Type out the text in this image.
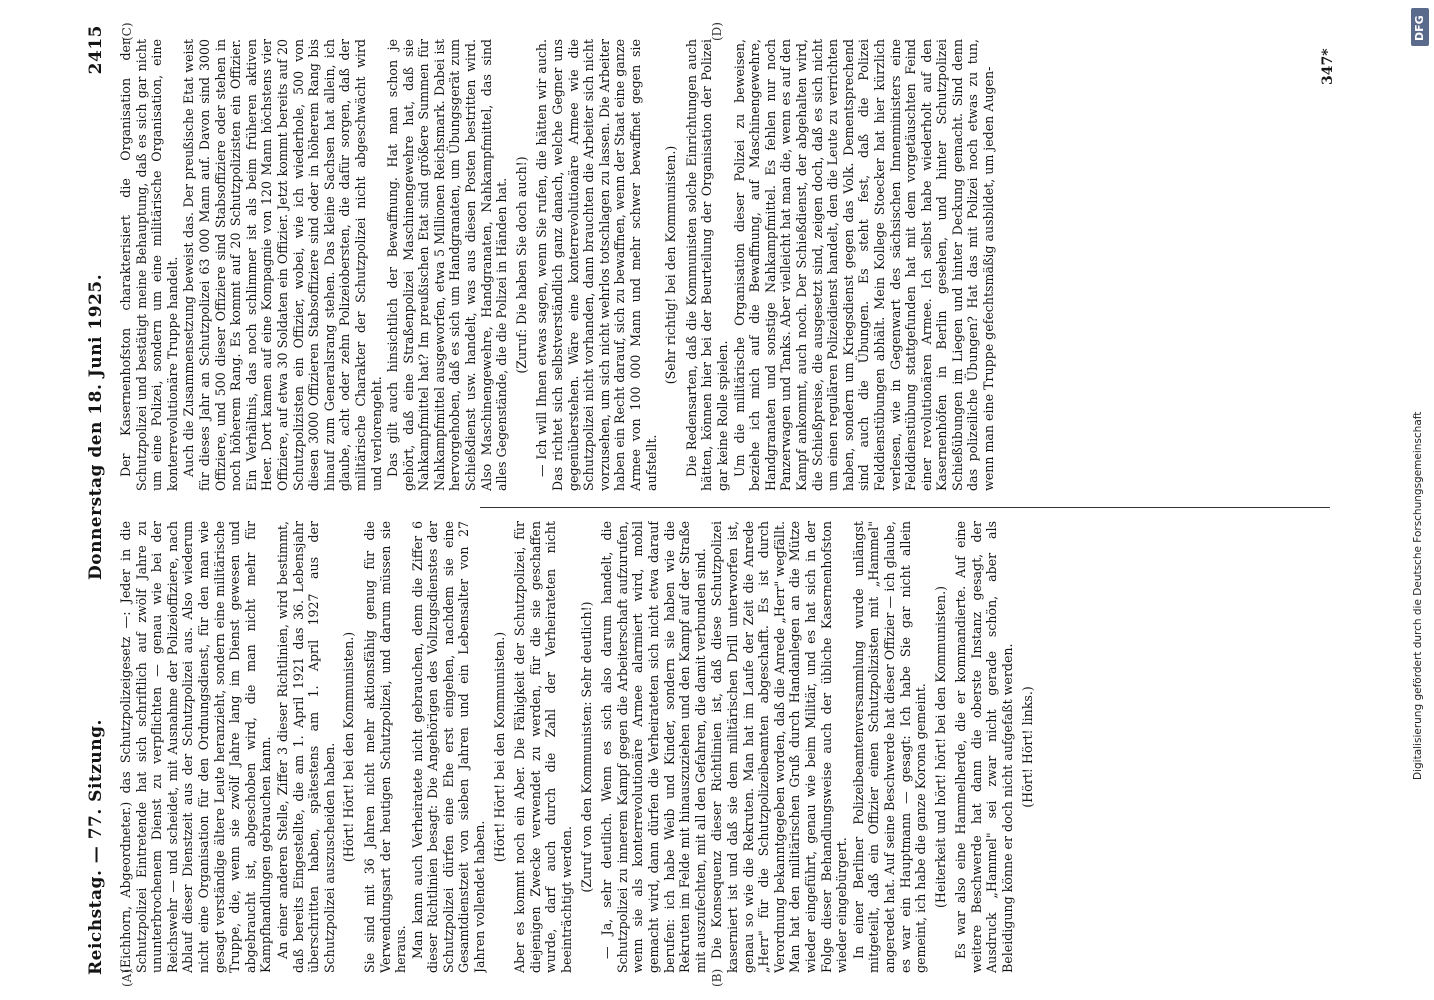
Reichstag. — 77. Sitzung.
Donnerstag den 18. Juni 1925.
2415

(Eichhorn, Abgeordneter.) das Schutzpolizeigesetz —: Jeder in die Schutzpolizei Eintretende hat sich schriftlich auf zwölf Jahre zu ununterbrochenem Dienst zu verpflichten — genau wie bei der Reichswehr — und scheidet, mit Ausnahme der Polizeioffiziere, nach Ablauf dieser Dienstzeit aus der Schutzpolizei aus. Also wiederum nicht eine Organisation für den Ordnungsdienst, für den man wie gesagt verständige ältere Leute heranzieht, sondern eine militärische Truppe, die, wenn sie zwölf Jahre lang im Dienst gewesen und abgebraucht ist, abgeschoben wird, die man nicht mehr für Kampfhandlungen gebrauchen kann. An einer anderen Stelle, Ziffer 3 dieser Richtlinien, wird bestimmt, daß bereits Eingestellte, die am 1. April 1921 das 36. Lebensjahr überschritten haben, spätestens am 1. April 1927 aus der Schutzpolizei auszuscheiden haben. (Hört! Hört! bei den Kommunisten.) Sie sind mit 36 Jahren nicht mehr aktionsfähig genug für die Verwendungsart der heutigen Schutzpolizei, und darum müssen sie heraus. Man kann auch Verheiratete nicht gebrauchen, denn die Ziffer 6 dieser Richtlinien besagt: Die Angehörigen des Vollzugsdienstes der Schutzpolizei dürfen eine Ehe erst eingehen, nachdem sie eine Gesamtdienstzeit von sieben Jahren und ein Lebensalter von 27 Jahren vollendet haben.

(Hört! Hört! bei den Kommunisten.) Aber es kommt noch ein Aber. Die Fähigkeit der Schutzpolizei, für diejenigen Zwecke verwendet zu werden, für die sie geschaffen wurde, darf auch durch die Zahl der Verheirateten nicht beeinträchtigt werden.

(Zuruf von den Kommunisten: Sehr deutlich!) — Ja, sehr deutlich. Wenn es sich also darum handelt, die Schutzpolizei zu innerem Kampf gegen die Arbeiterschaft aufzurufen, wenn sie als konterrevolutionäre Armee alarmiert wird, mobil gemacht wird, dann dürfen die Verheirateten sich nicht etwa darauf berufen: ich habe Weib und Kinder, sondern sie haben wie die Rekruten im Felde mit hinauszuziehen und den Kampf auf der Straße mit auszufechten, mit all den Gefahren, die damit verbunden sind. Die Konsequenz dieser Richtlinien ist, daß diese Schutzpolizei kaserniert ist und daß sie dem militärischen Drill unterworfen ist, genau so wie die Rekruten. Man hat im Laufe der Zeit die Anrede „Herr" für die Schutzpolizeibeamten abgeschafft. Es ist durch Verordnung bekanntgegeben worden, daß die Anrede „Herr" wegfällt. Man hat den militärischen Gruß durch Handanlegen an die Mütze wieder eingeführt, genau wie beim Militär, und es hat sich in der Folge dieser Behandlungsweise auch der übliche Kasernenhofston wieder eingebürgert. In einer Berliner Polizeibeamtenversammlung wurde unlängst mitgeteilt, daß ein Offizier einen Schutzpolizisten mit „Hammel" angeredet hat. Auf seine Beschwerde hat dieser Offizier — ich glaube, es war ein Hauptmann — gesagt: Ich habe Sie gar nicht allein gemeint, ich habe die ganze Korona gemeint. (Heiterkeit und hört! hört! bei den Kommunisten.) Es war also eine Hammelherde, die er kommandierte. Auf eine weitere Beschwerde hat dann die oberste Instanz gesagt, der Ausdruck „Hammel" sei zwar nicht gerade schön, aber als Beleidigung könne er doch nicht aufgefaßt werden. (Hört! Hört! links.)

Der Kasernenhofston charakterisiert die Organisation der Schutzpolizei und bestätigt meine Behauptung, daß es sich gar nicht um eine Polizei, sondern um eine militärische Organisation, eine konterrevolutionäre Truppe handelt. Auch die Zusammensetzung beweist das. Der preußische Etat weist für dieses Jahr an Schutzpolizei 63 000 Mann auf. Davon sind 3000 Offiziere, und 500 dieser Offiziere sind Stabsoffiziere oder stehen in noch höherem Rang. Es kommt auf 20 Schutzpolizisten ein Offizier. Ein Verhältnis, das noch schlimmer ist als beim früheren aktiven Heer. Dort kamen auf eine Kompagnie von 120 Mann höchstens vier Offiziere, auf etwa 30 Soldaten ein Offizier. Jetzt kommt bereits auf 20 Schutzpolizisten ein Offizier, wobei, wie ich wiederhole, 500 von diesen 3000 Offizieren Stabsoffiziere sind oder in höherem Rang bis hinauf zum Generalsrang stehen. Das kleine Sachsen hat allein, ich glaube, acht oder zehn Polizeiobersten, die dafür sorgen, daß der militärische Charakter der Schutzpolizei nicht abgeschwächt wird und verlorengeht. Das gilt auch hinsichtlich der Bewaffnung. Hat man schon je gehört, daß eine Straßenpolizei Maschinengewehre hat, daß sie Nahkampfmittel hat? Im preußischen Etat sind größere Summen für Nahkampfmittel ausgeworfen, etwa 5 Millionen Reichsmark. Dabei ist hervorgehoben, daß es sich um Handgranaten, um Übungsgerät zum Schießdienst usw. handelt, was aus diesen Posten bestritten wird. Also Maschinengewehre, Handgranaten, Nahkampfmittel, das sind alles Gegenstände, die die Polizei in Händen hat. (Zuruf: Die haben Sie doch auch!) — Ich will Ihnen etwas sagen, wenn Sie rufen, die hätten wir auch. Das richtet sich selbstverständlich ganz danach, welche Gegner uns gegenüberstehen. Wäre eine konterrevolutionäre Armee wie die Schutzpolizei nicht vorhanden, dann brauchten die Arbeiter sich nicht vorzusehen, um sich nicht wehrlos totschlagen zu lassen. Die Arbeiter haben ein Recht darauf, sich zu bewaffnen, wenn der Staat eine ganze Armee von 100 000 Mann und mehr schwer bewaffnet gegen sie aufstellt.

(Sehr richtig! bei den Kommunisten.) Die Redensarten, daß die Kommunisten solche Einrichtungen auch hätten, können hier bei der Beurteilung der Organisation der Polizei gar keine Rolle spielen. Um die militärische Organisation dieser Polizei zu beweisen, beziehe ich mich auf die Bewaffnung, auf Maschinengewehre, Handgranaten und sonstige Nahkampfmittel. Es fehlen nur noch Panzerwagen und Tanks. Aber vielleicht hat man die, wenn es auf den Kampf ankommt, auch noch. Der Schießdienst, der abgehalten wird, die Schießpreise, die ausgesetzt sind, zeigen doch, daß es sich nicht um einen regulären Polizeidienst handelt, den die Leute zu verrichten haben, sondern um Kriegsdienst gegen das Volk. Dementsprechend sind auch die Übungen. Es steht fest, daß die Polizei Felddienstübungen abhält. Mein Kollege Stoecker hat hier kürzlich verlesen, wie in Gegenwart des sächsischen Innenministers eine Felddienstübung stattgefunden hat mit dem vorgetäuschten Feind einer revolutionären Armee. Ich selbst habe wiederholt auf den Kasernenhöfen in Berlin gesehen, und hinter Schutzpolizei Schießübungen im Liegen und hinter Deckung gemacht. Sind denn das polizeiliche Übungen? Hat das mit Polizei noch etwas zu tun, wenn man eine Truppe gefechtsmäßig ausbildet, um jeden Augen-

(A)	(B)
(C)	(D)
347*
DFG
Digitalisierung gefördert durch die Deutsche Forschungsgemeinschaft
